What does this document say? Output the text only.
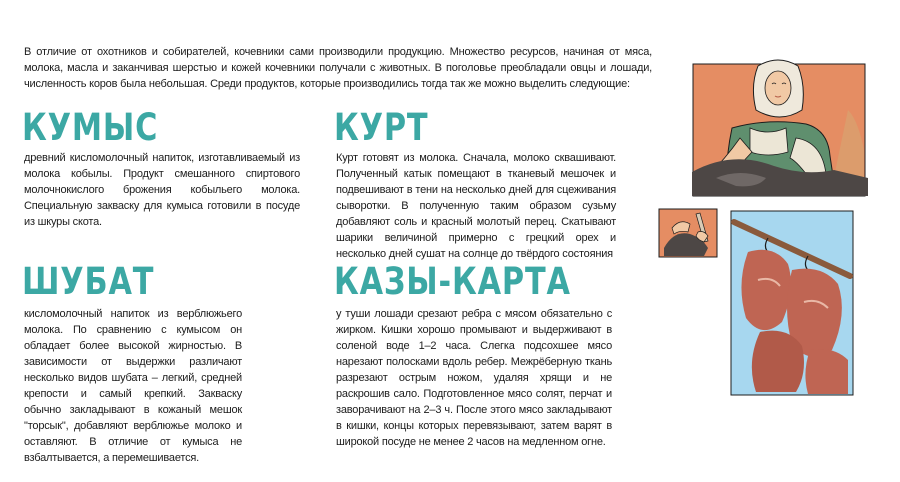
В отличие от охотников и собирателей, кочевники сами производили продукцию. Множество ресурсов, начиная от мяса, молока, масла и заканчивая шерстью и кожей кочевники получали с животных. В поголовье преобладали овцы и лошади, численность коров была небольшая. Среди продуктов, которые производились тогда так же можно выделить следующие:

КУМЫС

древний кисломолочный напиток, изготавливаемый из молока кобылы. Продукт смешанного спиртового молочнокислого брожения кобыльего молока. Специальную закваску для кумыса готовили в посуде из шкуры скота.

КУРТ

Курт готовят из молока. Сначала, молоко сквашивают. Полученный катык помещают в тканевый мешочек и подвешивают в тени на несколько дней для сцеживания сыворотки. В полученную таким образом сузьму добавляют соль и красный молотый перец. Скатывают шарики величиной примерно с грецкий орех и несколько дней сушат на солнце до твёрдого состояния

ШУБАТ

кисломолочный напиток из верблюжьего молока. По сравнению с кумысом он обладает более высокой жирностью. В зависимости от выдержки различают несколько видов шубата – легкий, средней крепости и самый крепкий. Закваску обычно закладывают в кожаный мешок "торсык", добавляют верблюжье молоко и оставляют. В отличие от кумыса не взбалтывается, а перемешивается.

КАЗЫ-КАРТА

у туши лошади срезают ребра с мясом обязательно с жирком. Кишки хорошо промывают и выдерживают в соленой воде 1–2 часа. Слегка подсохшее мясо нарезают полосками вдоль ребер. Межрёберную ткань разрезают острым ножом, удаляя хрящи и не раскрошив сало. Подготовленное мясо солят, перчат и заворачивают на 2–3 ч. После этого мясо закладывают в кишки, концы которых перевязывают, затем варят в широкой посуде не менее 2 часов на медленном огне.
